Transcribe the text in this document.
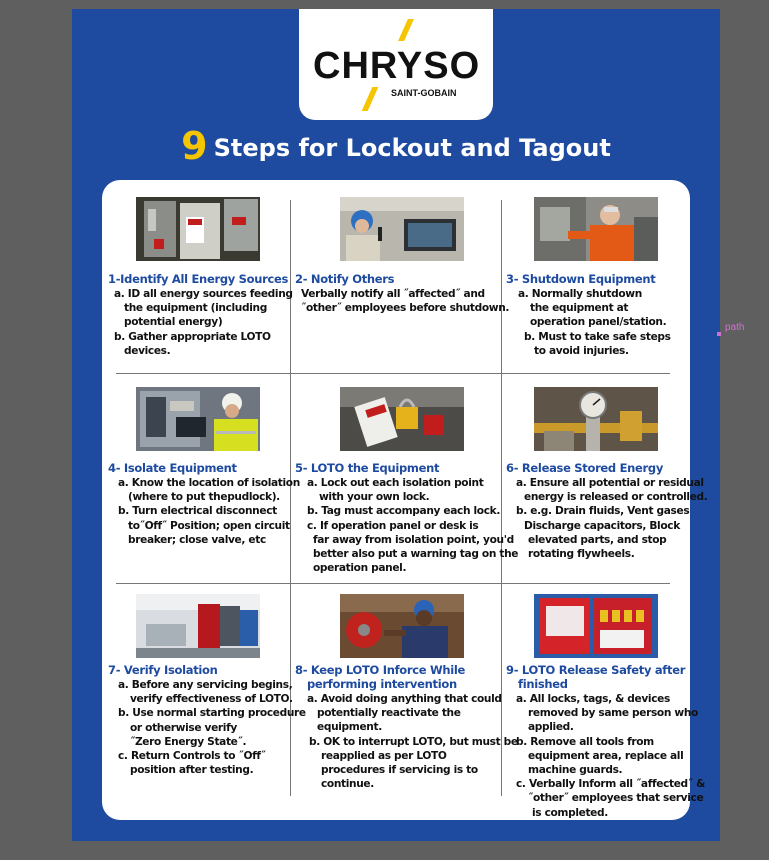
CHRYSO
SAINT-GOBAIN
9 Steps for Lockout and Tagout
1-Identify All Energy Sources
a. ID all energy sources feeding
the equipment (including
potential energy)
b. Gather appropriate LOTO
devices.
2- Notify Others
Verbally notify all ˝affected˝ and
˝other˝ employees before shutdown.
3- Shutdown Equipment
a. Normally shutdown
the equipment at
operation panel/station.
b. Must to take safe steps
to avoid injuries.
4- Isolate Equipment
a. Know the location of isolation
(where to put thepudlock).
b. Turn electrical disconnect
to˝Off˝ Position; open circuit
breaker; close valve, etc
5- LOTO the Equipment
a. Lock out each isolation point
with your own lock.
b. Tag must accompany each lock.
c. If operation panel or desk is
far away from isolation point, you'd
better also put a warning tag on the
operation panel.
6- Release Stored Energy
a. Ensure all potential or residual
energy is released or controlled.
b. e.g. Drain fluids, Vent gases
Discharge capacitors, Block
elevated parts, and stop
rotating flywheels.
7- Verify Isolation
a. Before any servicing begins,
verify effectiveness of LOTO.
b. Use normal starting procedure
or otherwise verify
˝Zero Energy State˝.
c. Return Controls to ˝Off˝
position after testing.
8- Keep LOTO Inforce While
performing intervention
a. Avoid doing anything that could
potentially reactivate the
equipment.
b. OK to interrupt LOTO, but must be
reapplied as per LOTO
procedures if servicing is to
continue.
9- LOTO Release Safety after
finished
a. All locks, tags, & devices
removed by same person who
applied.
b. Remove all tools from
equipment area, replace all
machine guards.
c. Verbally Inform all ˝affected˝ &
˝other˝ employees that service
is completed.
path
